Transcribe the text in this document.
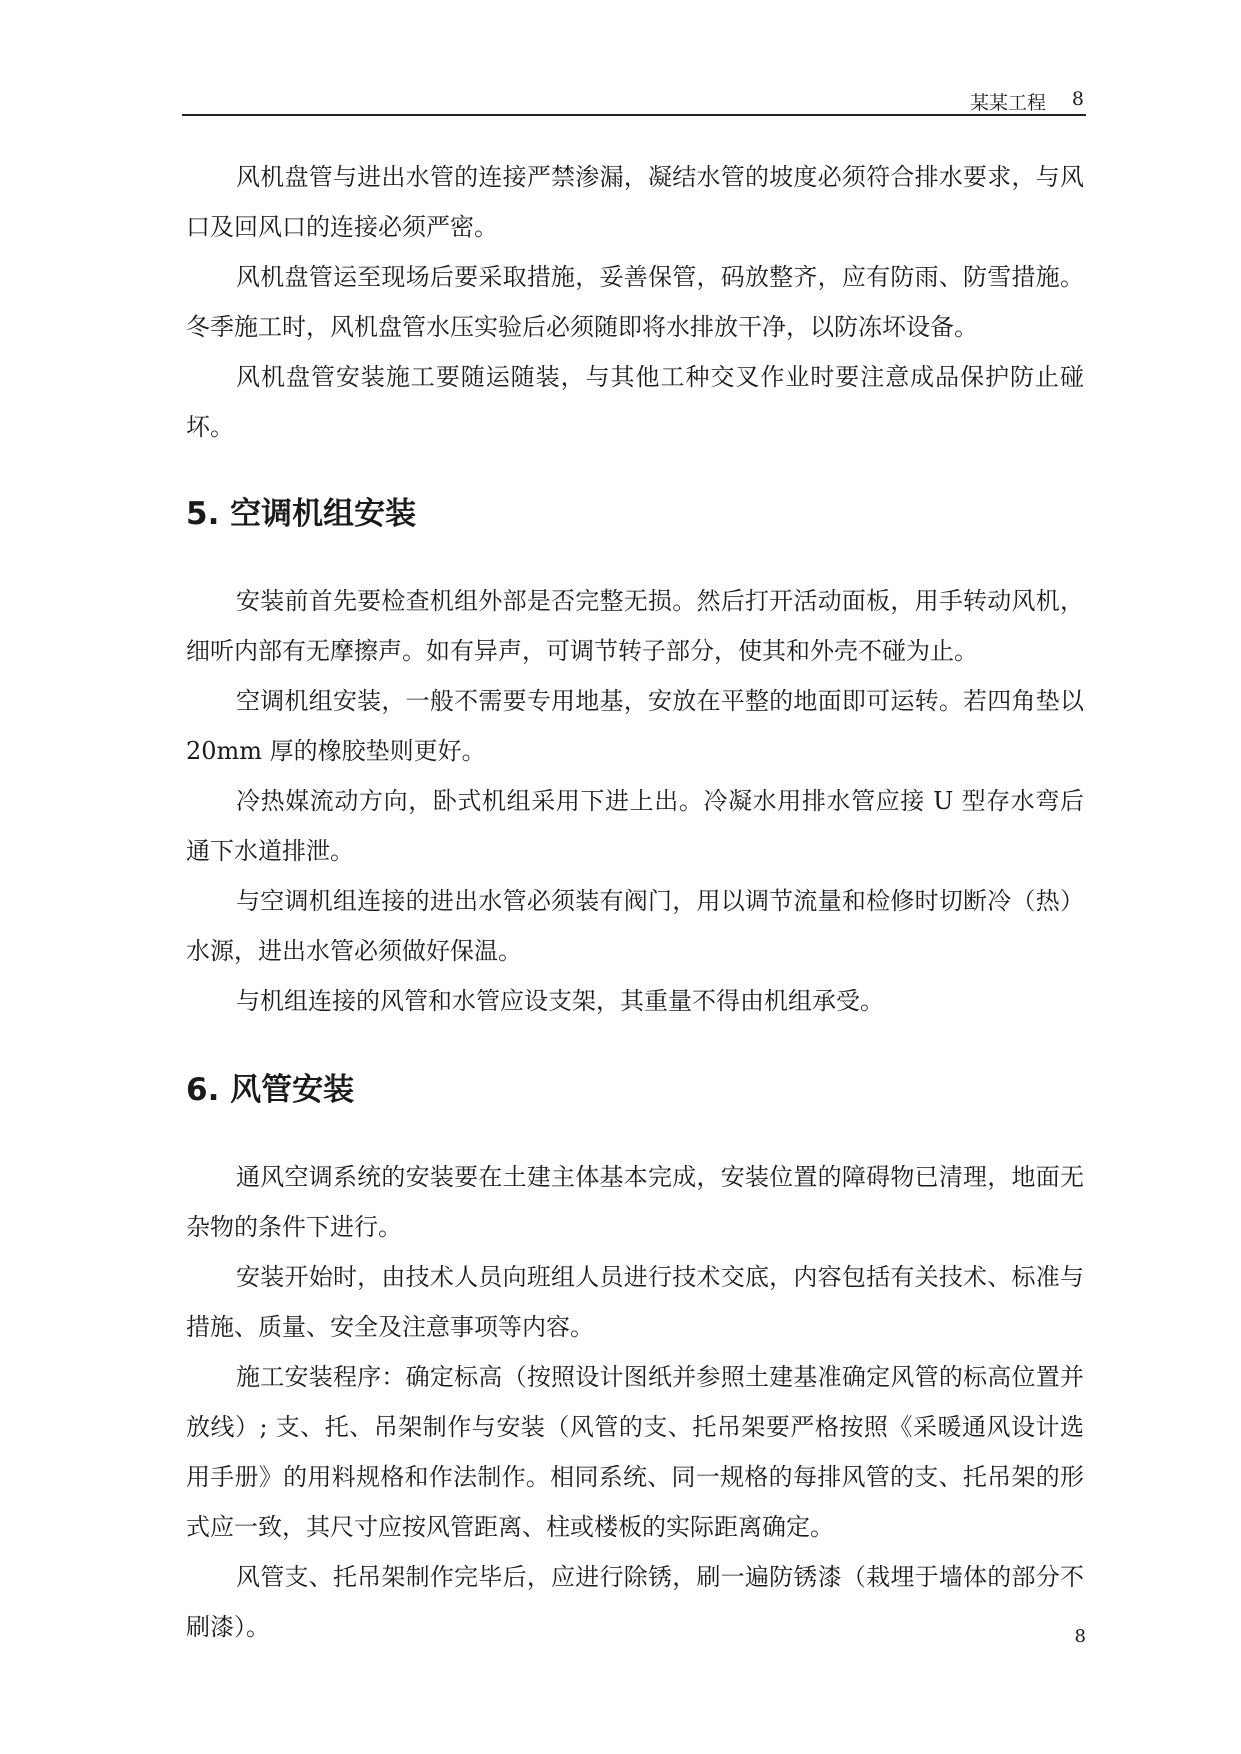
某某工程 8

风机盘管与进出水管的连接严禁渗漏，凝结水管的坡度必须符合排水要求，与风口及回风口的连接必须严密。

风机盘管运至现场后要采取措施，妥善保管，码放整齐，应有防雨、防雪措施。冬季施工时，风机盘管水压实验后必须随即将水排放干净，以防冻坏设备。

风机盘管安装施工要随运随装，与其他工种交叉作业时要注意成品保护防止碰坏。

5. 空调机组安装

安装前首先要检查机组外部是否完整无损。然后打开活动面板，用手转动风机，细听内部有无摩擦声。如有异声，可调节转子部分，使其和外壳不碰为止。

空调机组安装，一般不需要专用地基，安放在平整的地面即可运转。若四角垫以 20mm 厚的橡胶垫则更好。

冷热媒流动方向，卧式机组采用下进上出。冷凝水用排水管应接 U 型存水弯后通下水道排泄。

与空调机组连接的进出水管必须装有阀门，用以调节流量和检修时切断冷（热）水源，进出水管必须做好保温。

与机组连接的风管和水管应设支架，其重量不得由机组承受。

6. 风管安装

通风空调系统的安装要在土建主体基本完成，安装位置的障碍物已清理，地面无杂物的条件下进行。

安装开始时，由技术人员向班组人员进行技术交底，内容包括有关技术、标准与措施、质量、安全及注意事项等内容。

施工安装程序：确定标高（按照设计图纸并参照土建基准确定风管的标高位置并放线）; 支、托、吊架制作与安装（风管的支、托吊架要严格按照《采暖通风设计选用手册》的用料规格和作法制作。相同系统、同一规格的每排风管的支、托吊架的形式应一致，其尺寸应按风管距离、柱或楼板的实际距离确定。

风管支、托吊架制作完毕后，应进行除锈，刷一遍防锈漆（栽埋于墙体的部分不刷漆）。	8
